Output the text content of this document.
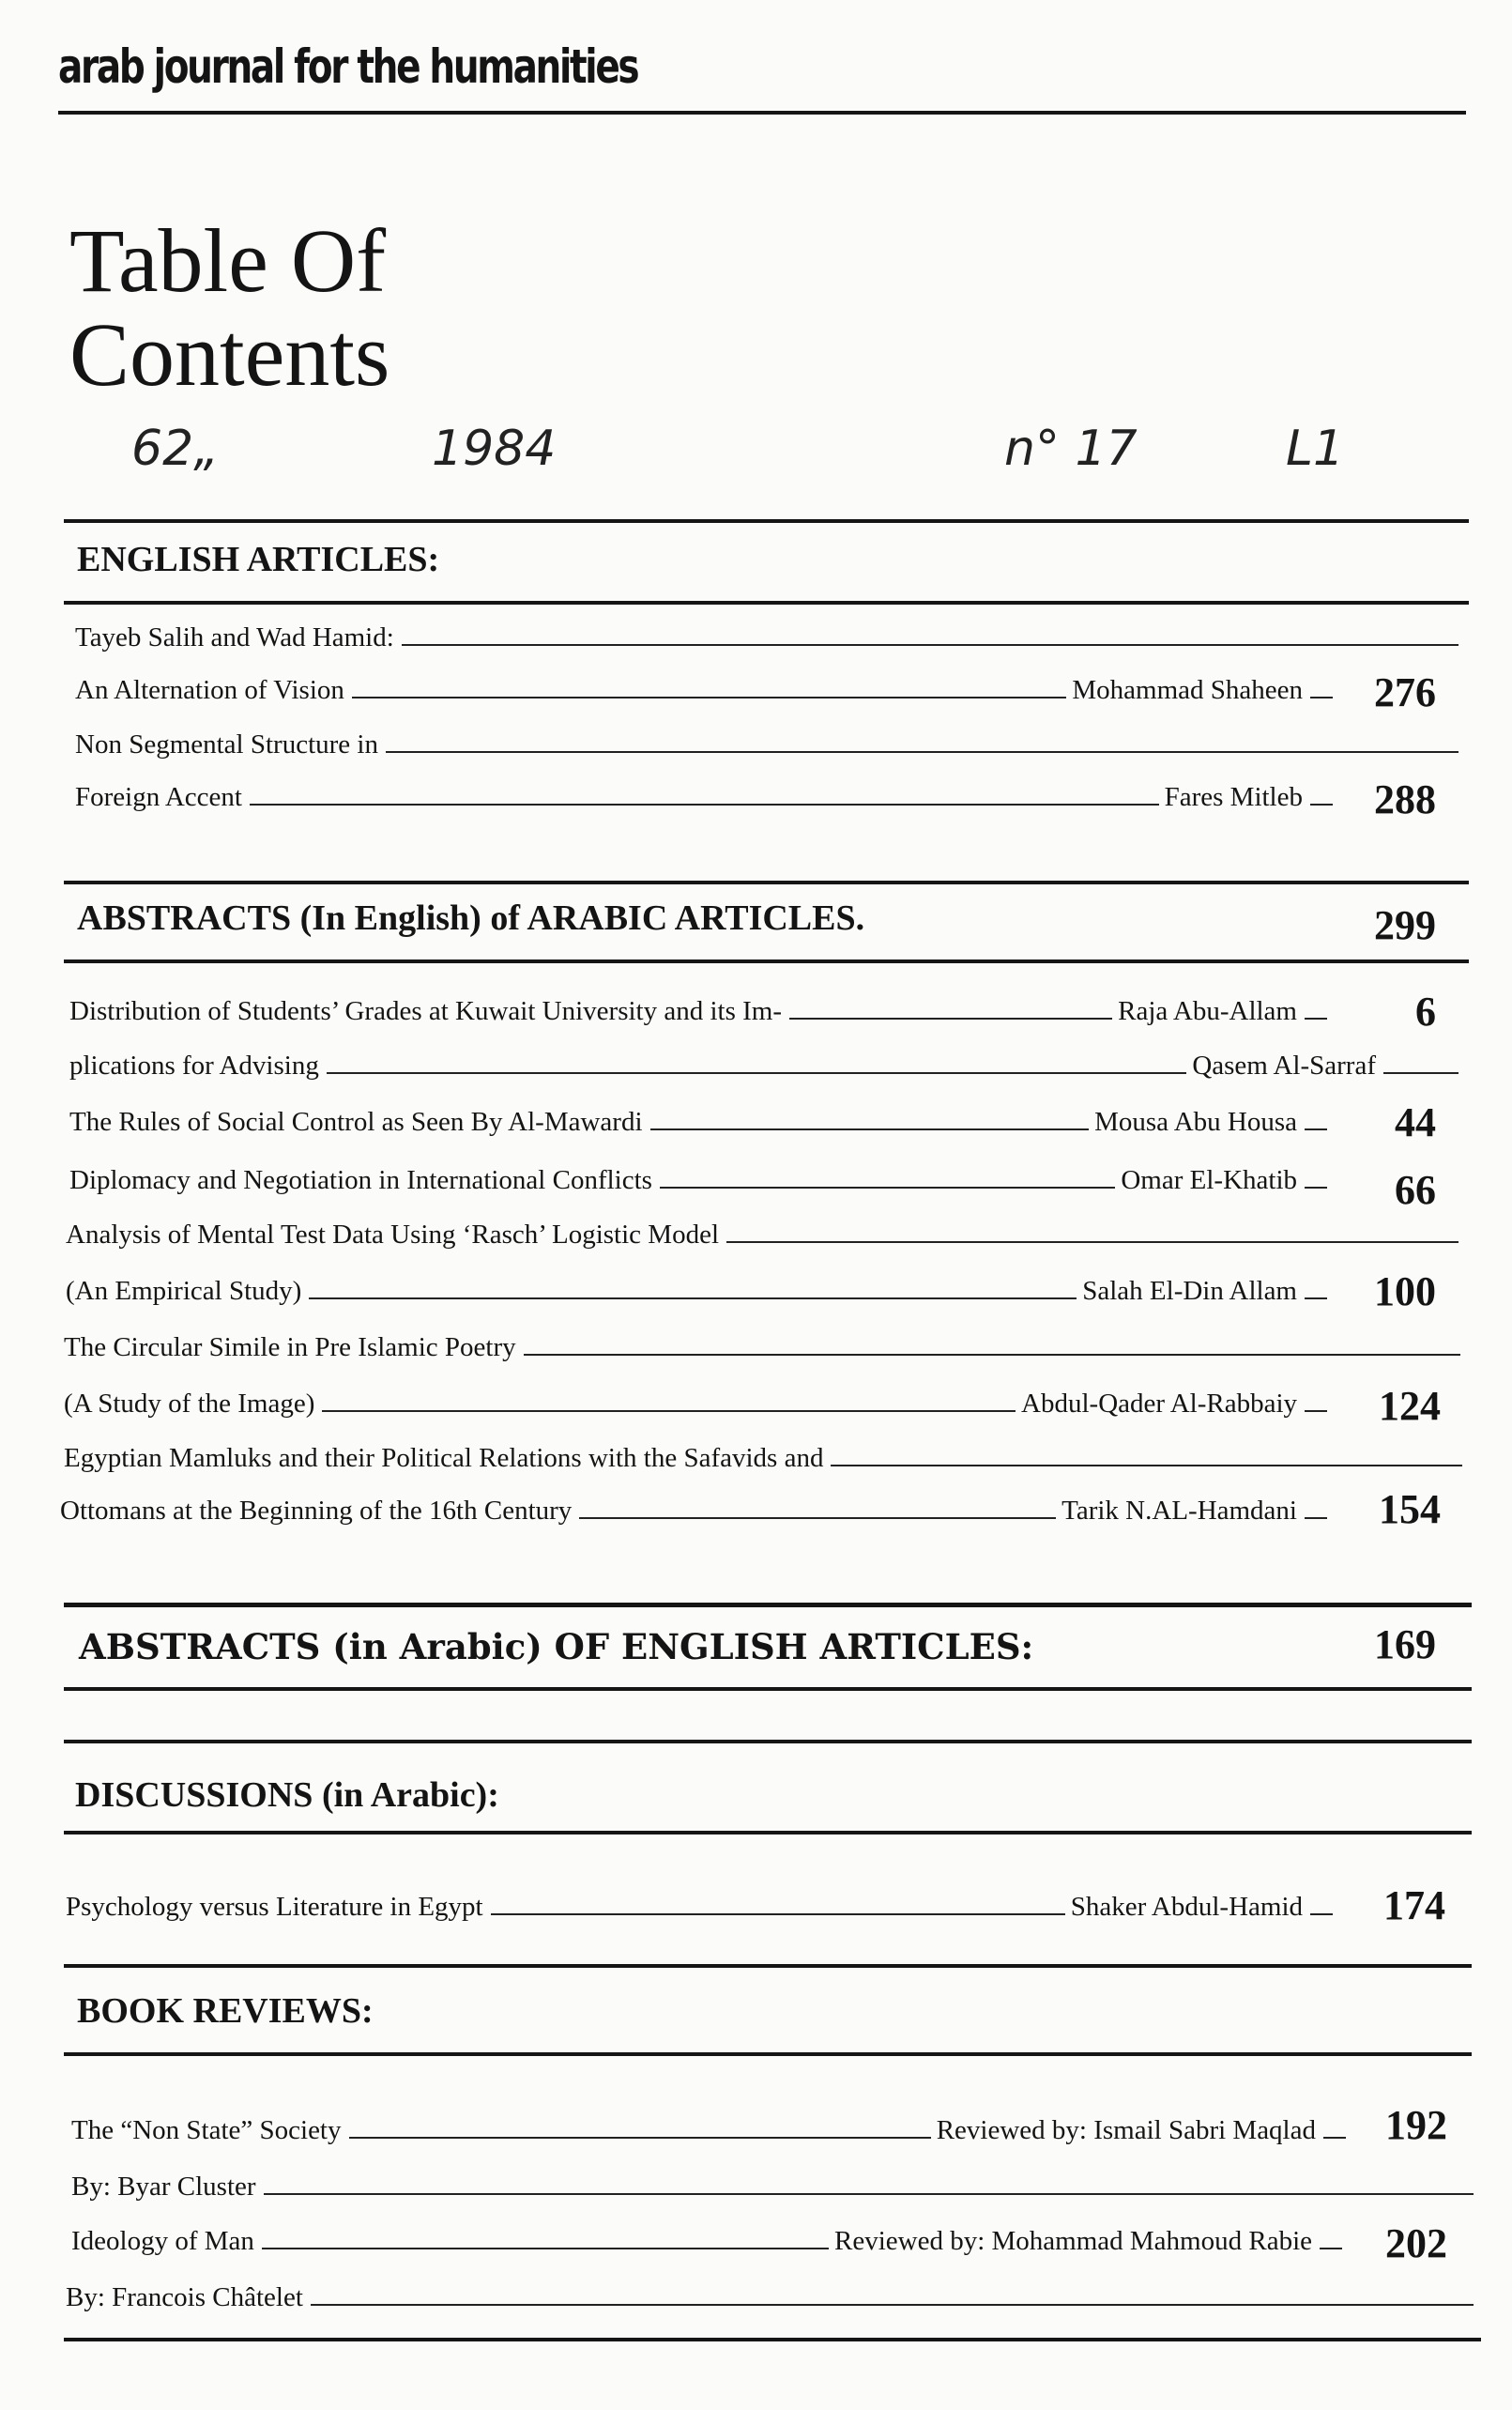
arab journal for the humanities
Table Of
Contents
62„	1984	n° 17	L1
ENGLISH ARTICLES:
Tayeb Salih and Wad Hamid:
An Alternation of Vision	Mohammad Shaheen	276
Non Segmental Structure in
Foreign Accent	Fares Mitleb	288
ABSTRACTS (In English) of ARABIC ARTICLES.	299
Distribution of Students’ Grades at Kuwait University and its Im-	Raja Abu-Allam	6
plications for Advising	Qasem Al-Sarraf
The Rules of Social Control as Seen By Al-Mawardi	Mousa Abu Housa	44
Diplomacy and Negotiation in International Conflicts	Omar El-Khatib	66
Analysis of Mental Test Data Using ‘Rasch’ Logistic Model
(An Empirical Study)	Salah El-Din Allam	100
The Circular Simile in Pre Islamic Poetry
(A Study of the Image)	Abdul-Qader Al-Rabbaiy	124
Egyptian Mamluks and their Political Relations with the Safavids and
Ottomans at the Beginning of the 16th Century	Tarik N.AL-Hamdani	154
ABSTRACTS (in Arabic) OF ENGLISH ARTICLES:	169
DISCUSSIONS (in Arabic):
Psychology versus Literature in Egypt	Shaker Abdul-Hamid	174
BOOK REVIEWS:
The “Non State” Society	Reviewed by: Ismail Sabri Maqlad	192
By: Byar Cluster
Ideology of Man	Reviewed by: Mohammad Mahmoud Rabie	202
By: Francois Châtelet
